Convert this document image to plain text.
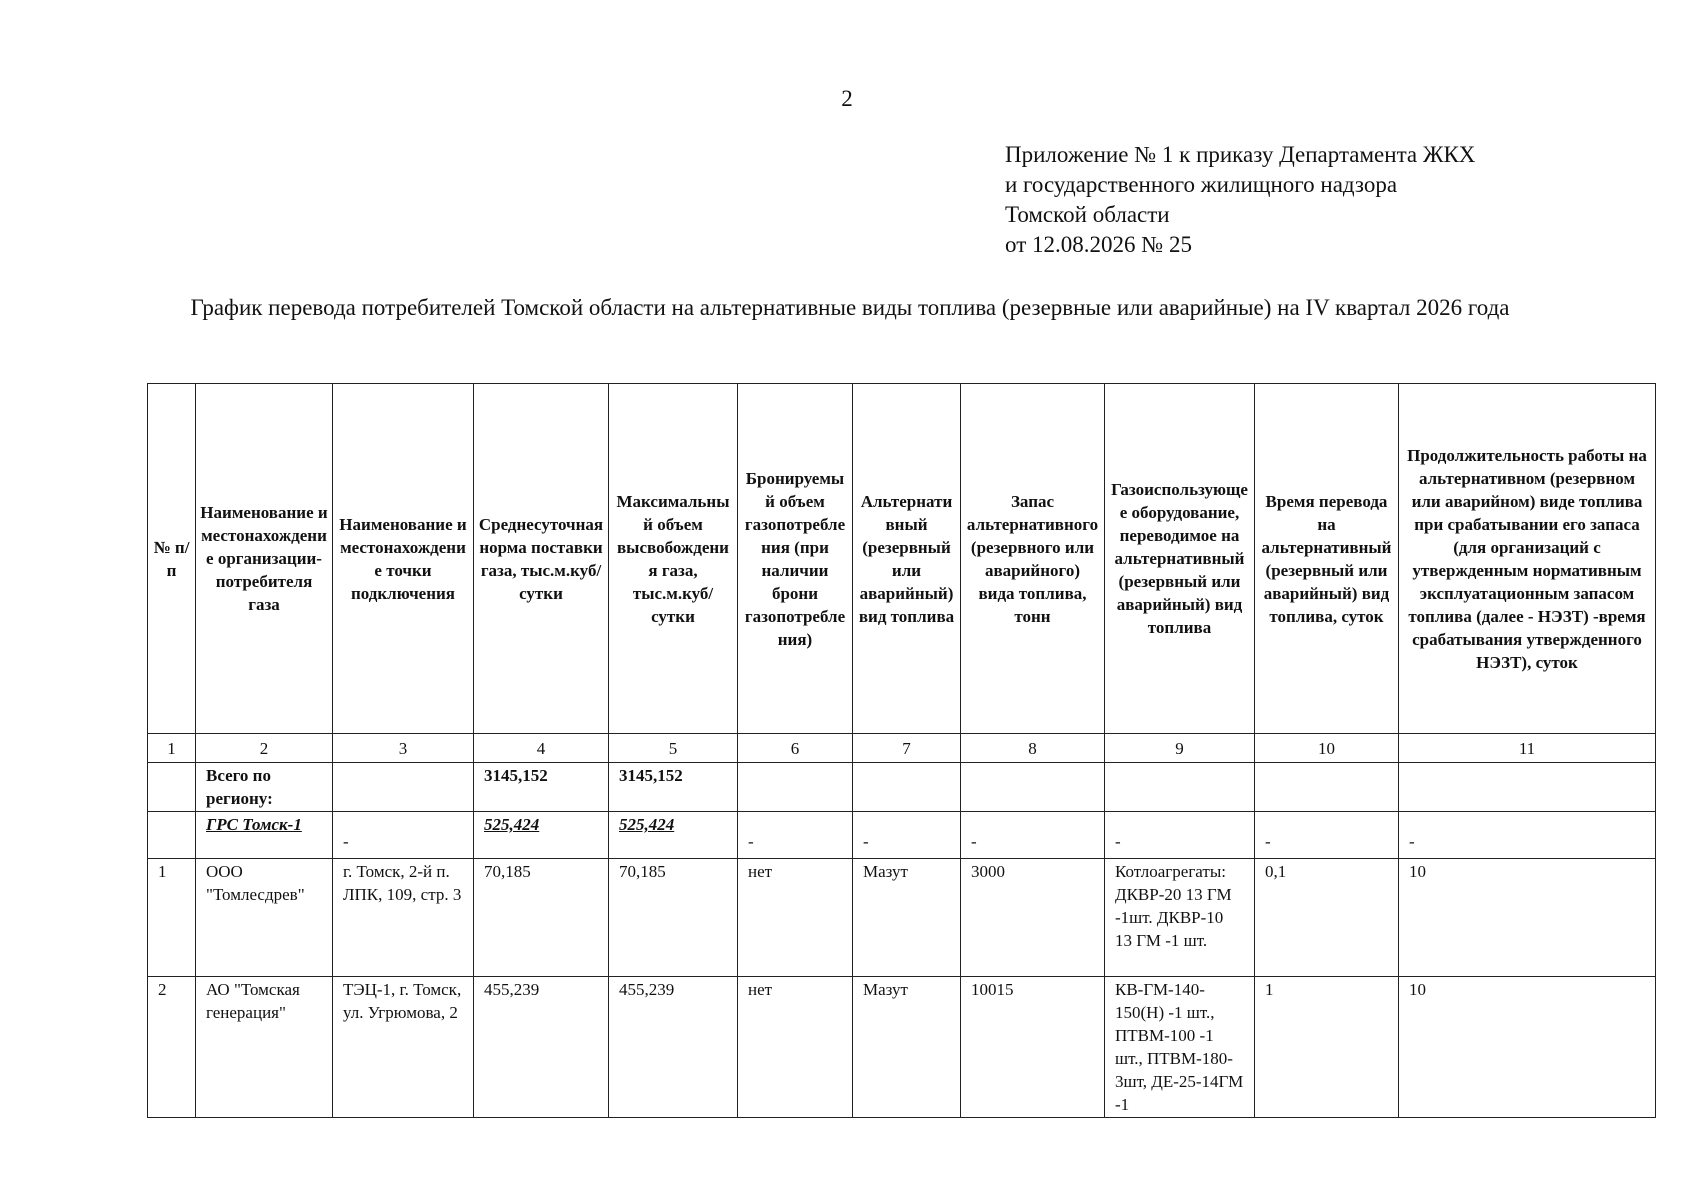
2
Приложение № 1 к приказу Департамента ЖКХ
и государственного жилищного надзора
Томской области
от 12.08.2026 № 25
График перевода потребителей Томской области на альтернативные виды топлива (резервные или аварийные) на IV квартал 2026 года
№ п/п	Наименование и местонахождение организации-потребителя газа	Наименование и местонахождение точки подключения	Среднесуточная норма поставки газа, тыс.м.куб/сутки	Максимальный объем высвобождения газа, тыс.м.куб/сутки	Бронируемый объем газопотребления (при наличии брони газопотребления)	Альтернативный (резервный или аварийный) вид топлива	Запас альтернативного (резервного или аварийного) вида топлива, тонн	Газоиспользующее оборудование, переводимое на альтернативный (резервный или аварийный) вид топлива	Время перевода на альтернативный (резервный или аварийный) вид топлива, суток	Продолжительность работы на альтернативном (резервном или аварийном) виде топлива при срабатывании его запаса (для организаций с утвержденным нормативным эксплуатационным запасом топлива (далее - НЭЗТ) -время срабатывания утвержденного НЭЗТ), суток
1	2	3	4	5	6	7	8	9	10	11
	Всего по региону:		3145,152	3145,152						
	ГРС Томск-1	-	525,424	525,424	-	-	-	-	-	-
1	ООО "Томлесдрев"	г. Томск, 2-й п. ЛПК, 109, стр. 3	70,185	70,185	нет	Мазут	3000	Котлоагрегаты: ДКВР-20 13 ГМ -1шт. ДКВР-10 13 ГМ -1 шт.	0,1	10
2	АО "Томская генерация"	ТЭЦ-1, г. Томск, ул. Угрюмова, 2	455,239	455,239	нет	Мазут	10015	КВ-ГМ-140-150(Н) -1 шт., ПТВМ-100 -1 шт., ПТВМ-180-3шт, ДЕ-25-14ГМ -1	1	10
